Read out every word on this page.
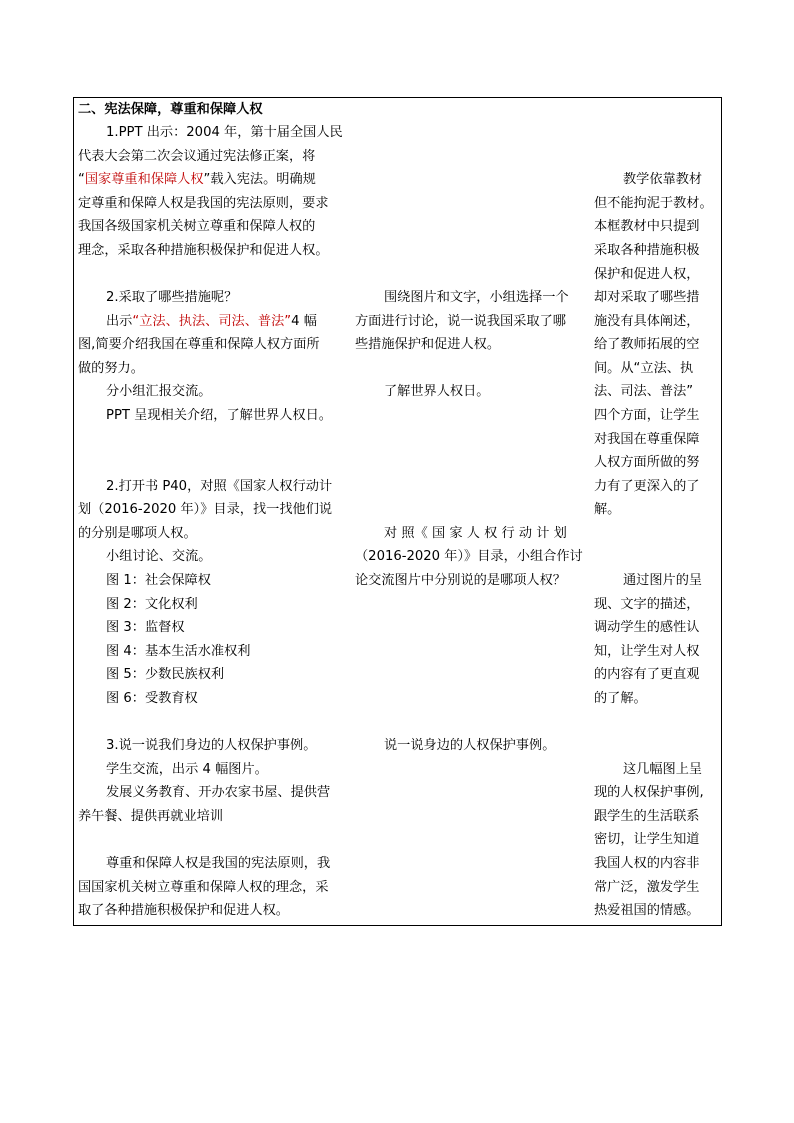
二、宪法保障，尊重和保障人权
1.PPT 出示：2004 年，第十届全国人民
代表大会第二次会议通过宪法修正案，将
“国家尊重和保障人权”载入宪法。明确规
定尊重和保障人权是我国的宪法原则，要求
我国各级国家机关树立尊重和保障人权的
理念，采取各种措施积极保护和促进人权。
2.采取了哪些措施呢？
出示“立法、执法、司法、普法”4 幅
图,简要介绍我国在尊重和保障人权方面所
做的努力。
分小组汇报交流。
PPT 呈现相关介绍，了解世界人权日。
2.打开书 P40，对照《国家人权行动计
划（2016-2020 年）》目录，找一找他们说
的分别是哪项人权。
小组讨论、交流。
图 1：社会保障权
图 2：文化权利
图 3：监督权
图 4：基本生活水准权利
图 5：少数民族权利
图 6：受教育权
3.说一说我们身边的人权保护事例。
学生交流，出示 4 幅图片。
发展义务教育、开办农家书屋、提供营
养午餐、提供再就业培训
尊重和保障人权是我国的宪法原则，我
国国家机关树立尊重和保障人权的理念，采
取了各种措施积极保护和促进人权。
围绕图片和文字，小组选择一个
方面进行讨论，说一说我国采取了哪
些措施保护和促进人权。
了解世界人权日。
对 照《 国 家 人 权 行 动 计 划
（2016-2020 年）》目录，小组合作讨
论交流图片中分别说的是哪项人权？
说一说身边的人权保护事例。
教学依靠教材
但不能拘泥于教材。
本框教材中只提到
采取各种措施积极
保护和促进人权，
却对采取了哪些措
施没有具体阐述，
给了教师拓展的空
间。从“立法、执
法、司法、普法”
四个方面，让学生
对我国在尊重保障
人权方面所做的努
力有了更深入的了
解。
通过图片的呈
现、文字的描述，
调动学生的感性认
知，让学生对人权
的内容有了更直观
的了解。
这几幅图上呈
现的人权保护事例,
跟学生的生活联系
密切，让学生知道
我国人权的内容非
常广泛，激发学生
热爱祖国的情感。
